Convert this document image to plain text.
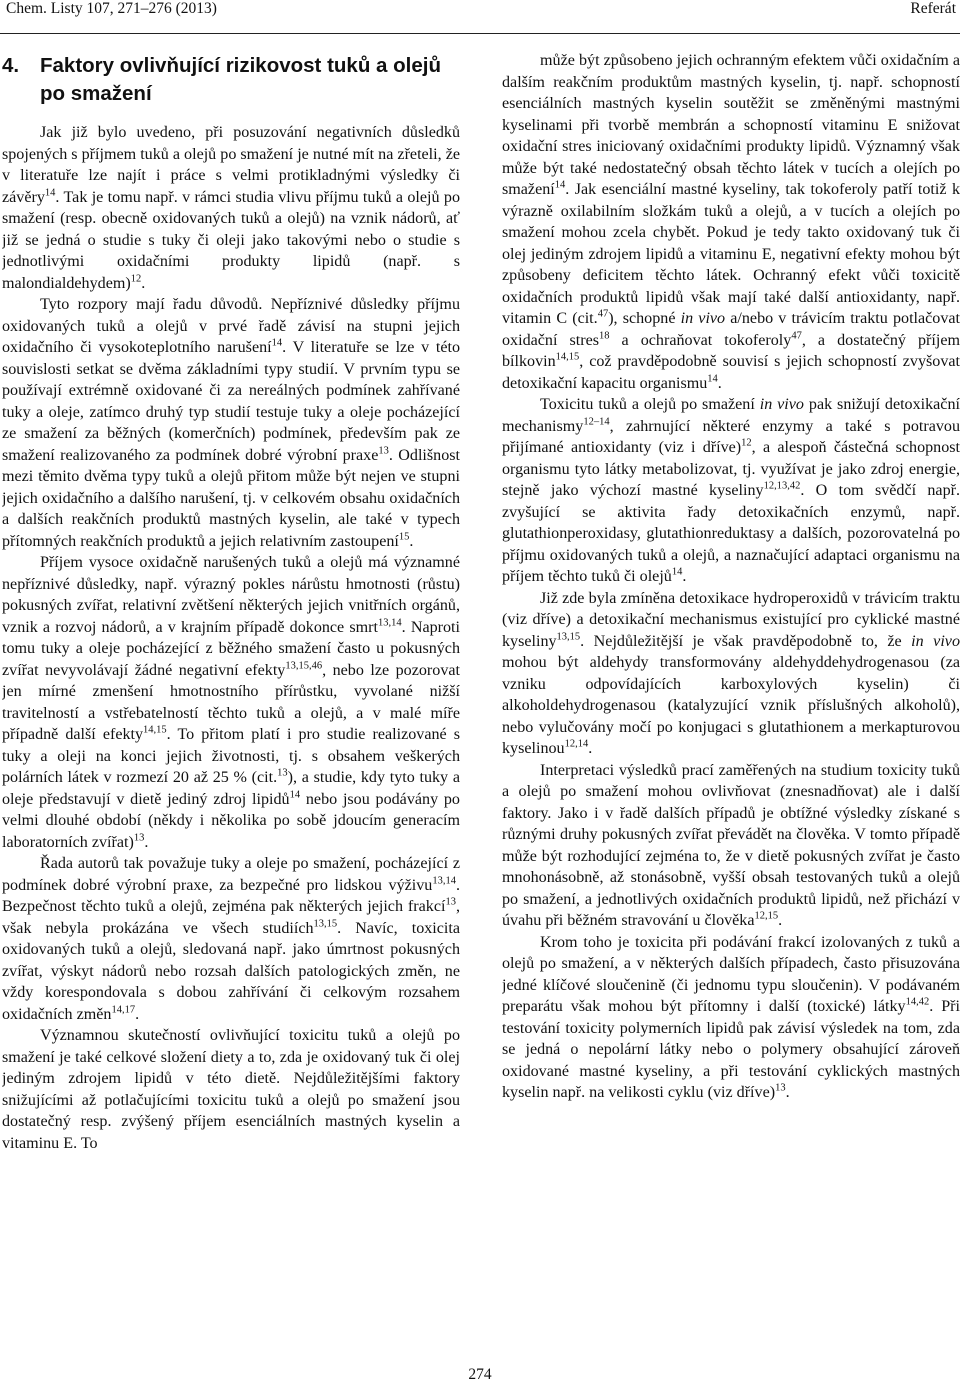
Chem. Listy 107, 271–276 (2013)	Referát
4. Faktory ovlivňující rizikovost tuků a olejů po smažení

Jak již bylo uvedeno, při posuzování negativních důsledků spojených s příjmem tuků a olejů po smažení je nutné mít na zřeteli, že v literatuře lze najít i práce s velmi protikladnými výsledky či závěry$^{14}$. Tak je tomu např. v rámci studia vlivu příjmu tuků a olejů po smažení (resp. obecně oxidovaných tuků a olejů) na vznik nádorů, ať již se jedná o studie s tuky či oleji jako takovými nebo o studie s jednotlivými oxidačními produkty lipidů (např. s malondialdehydem)$^{12}$.

Tyto rozpory mají řadu důvodů. Nepříznivé důsledky příjmu oxidovaných tuků a olejů v prvé řadě závisí na stupni jejich oxidačního či vysokoteplotního narušení$^{14}$. V literatuře se lze v této souvislosti setkat se dvěma základními typy studií. V prvním typu se používají extrémně oxidované či za nereálných podmínek zahřívané tuky a oleje, zatímco druhý typ studií testuje tuky a oleje pocházející ze smažení za běžných (komerčních) podmínek, především pak ze smažení realizovaného za podmínek dobré výrobní praxe$^{13}$. Odlišnost mezi těmito dvěma typy tuků a olejů přitom může být nejen ve stupni jejich oxidačního a dalšího narušení, tj. v celkovém obsahu oxidačních a dalších reakčních produktů mastných kyselin, ale také v typech přítomných reakčních produktů a jejich relativním zastoupení$^{15}$.

Příjem vysoce oxidačně narušených tuků a olejů má významné nepříznivé důsledky, např. výrazný pokles nárůstu hmotnosti (růstu) pokusných zvířat, relativní zvětšení některých jejich vnitřních orgánů, vznik a rozvoj nádorů, a v krajním případě dokonce smrt$^{13,14}$. Naproti tomu tuky a oleje pocházející z běžného smažení často u pokusných zvířat nevyvolávají žádné negativní efekty$^{13,15,46}$, nebo lze pozorovat jen mírné zmenšení hmotnostního přírůstku, vyvolané nižší travitelností a vstřebatelností těchto tuků a olejů, a v malé míře případně další efekty$^{14,15}$. To přitom platí i pro studie realizované s tuky a oleji na konci jejich životnosti, tj. s obsahem veškerých polárních látek v rozmezí 20 až 25 % (cit.$^{13}$), a studie, kdy tyto tuky a oleje představují v dietě jediný zdroj lipidů$^{14}$ nebo jsou podávány po velmi dlouhé období (někdy i několika po sobě jdoucím generacím laboratorních zvířat)$^{13}$.

Řada autorů tak považuje tuky a oleje po smažení, pocházející z podmínek dobré výrobní praxe, za bezpečné pro lidskou výživu$^{13,14}$. Bezpečnost těchto tuků a olejů, zejména pak některých jejich frakcí$^{13}$, však nebyla prokázána ve všech studiích$^{13,15}$. Navíc, toxicita oxidovaných tuků a olejů, sledovaná např. jako úmrtnost pokusných zvířat, výskyt nádorů nebo rozsah dalších patologických změn, ne vždy korespondovala s dobou zahřívání či celkovým rozsahem oxidačních změn$^{14,17}$.

Významnou skutečností ovlivňující toxicitu tuků a olejů po smažení je také celkové složení diety a to, zda je oxidovaný tuk či olej jediným zdrojem lipidů v této dietě. Nejdůležitějšími faktory snižujícími až potlačujícími toxicitu tuků a olejů po smažení jsou dostatečný resp. zvýšený příjem esenciálních mastných kyselin a vitaminu E. To

může být způsobeno jejich ochranným efektem vůči oxidačním a dalším reakčním produktům mastných kyselin, tj. např. schopností esenciálních mastných kyselin soutěžit se změněnými mastnými kyselinami při tvorbě membrán a schopností vitaminu E snižovat oxidační stres iniciovaný oxidačními produkty lipidů. Významný však může být také nedostatečný obsah těchto látek v tucích a olejích po smažení$^{14}$. Jak esenciální mastné kyseliny, tak tokoferoly patří totiž k výrazně oxilabilním složkám tuků a olejů, a v tucích a olejích po smažení mohou zcela chybět. Pokud je tedy takto oxidovaný tuk či olej jediným zdrojem lipidů a vitaminu E, negativní efekty mohou být způsobeny deficitem těchto látek. Ochranný efekt vůči toxicitě oxidačních produktů lipidů však mají také další antioxidanty, např. vitamin C (cit.$^{47}$), schopné in vivo a/nebo v trávicím traktu potlačovat oxidační stres$^{18}$ a ochraňovat tokoferoly$^{47}$, a dostatečný příjem bílkovin$^{14,15}$, což pravděpodobně souvisí s jejich schopností zvyšovat detoxikační kapacitu organismu$^{14}$.

Toxicitu tuků a olejů po smažení in vivo pak snižují detoxikační mechanismy$^{12-14}$, zahrnující některé enzymy a také s potravou přijímané antioxidanty (viz i dříve)$^{12}$, a alespoň částečná schopnost organismu tyto látky metabolizovat, tj. využívat je jako zdroj energie, stejně jako výchozí mastné kyseliny$^{12,13,42}$. O tom svědčí např. zvyšující se aktivita řady detoxikačních enzymů, např. glutathionperoxidasy, glutathionreduktasy a dalších, pozorovatelná po příjmu oxidovaných tuků a olejů, a naznačující adaptaci organismu na příjem těchto tuků či olejů$^{14}$.

Již zde byla zmíněna detoxikace hydroperoxidů v trávicím traktu (viz dříve) a detoxikační mechanismus existující pro cyklické mastné kyseliny$^{13,15}$. Nejdůležitější je však pravděpodobně to, že in vivo mohou být aldehydy transformovány aldehyddehydrogenasou (za vzniku odpovídajících karboxylových kyselin) či alkoholdehydrogenasou (katalyzující vznik příslušných alkoholů), nebo vylučovány močí po konjugaci s glutathionem a merkapturovou kyselinou$^{12,14}$.

Interpretaci výsledků prací zaměřených na studium toxicity tuků a olejů po smažení mohou ovlivňovat (znesnadňovat) ale i další faktory. Jako i v řadě dalších případů je obtížné výsledky získané s různými druhy pokusných zvířat převádět na člověka. V tomto případě může být rozhodující zejména to, že v dietě pokusných zvířat je často mnohonásobně, až stonásobně, vyšší obsah testovaných tuků a olejů po smažení, a jednotlivých oxidačních produktů lipidů, než přichází v úvahu při běžném stravování u člověka$^{12,15}$.

Krom toho je toxicita při podávání frakcí izolovaných z tuků a olejů po smažení, a v některých dalších případech, často přisuzována jedné klíčové sloučenině (či jednomu typu sloučenin). V podávaném preparátu však mohou být přítomny i další (toxické) látky$^{14,42}$. Při testování toxicity polymerních lipidů pak závisí výsledek na tom, zda se jedná o nepolární látky nebo o polymery obsahující zároveň oxidované mastné kyseliny, a při testování cyklických mastných kyselin např. na velikosti cyklu (viz dříve)$^{13}$.

274
